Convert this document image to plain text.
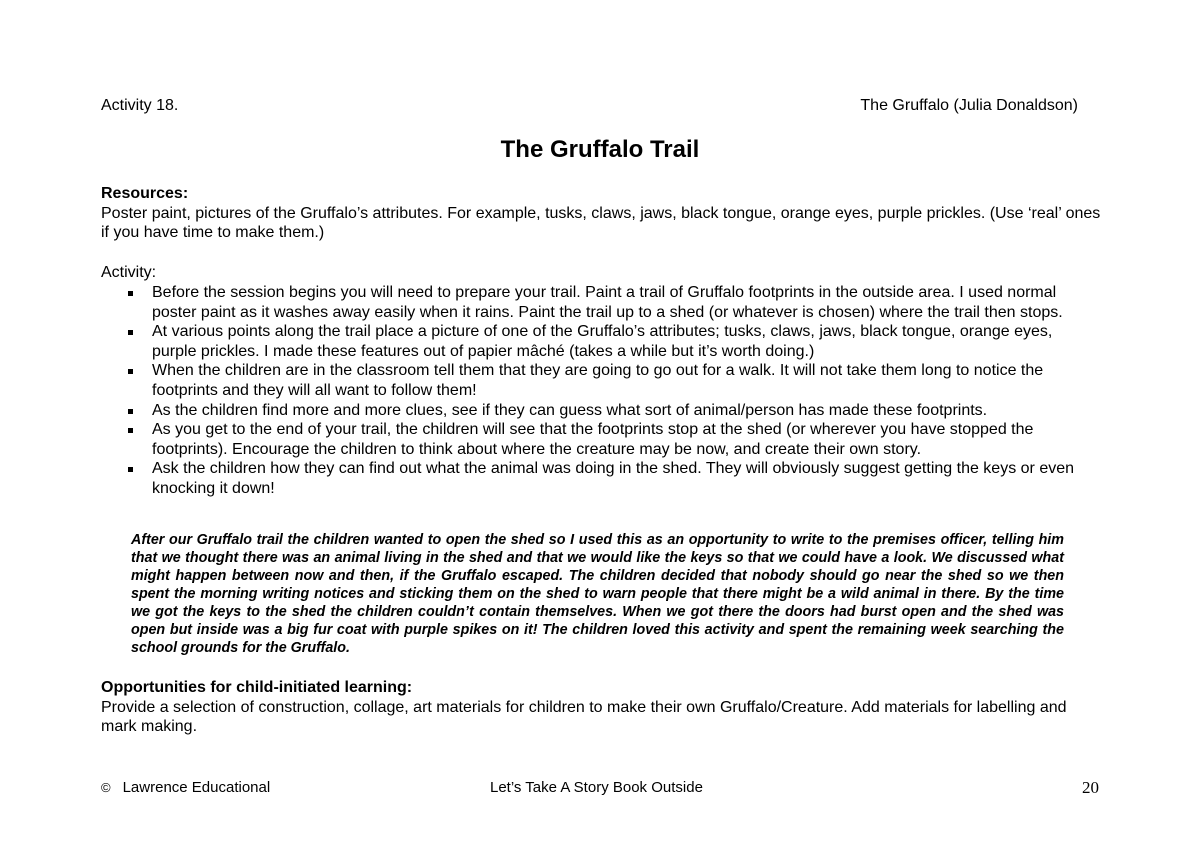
Activity 18.	The Gruffalo (Julia Donaldson)
The Gruffalo Trail
Resources:
Poster paint, pictures of the Gruffalo’s attributes. For example, tusks, claws, jaws, black tongue, orange eyes, purple prickles. (Use ‘real’ ones if you have time to make them.)
Activity:
Before the session begins you will need to prepare your trail. Paint a trail of Gruffalo footprints in the outside area. I used normal poster paint as it washes away easily when it rains. Paint the trail up to a shed (or whatever is chosen) where the trail then stops.
At various points along the trail place a picture of one of the Gruffalo’s attributes; tusks, claws, jaws, black tongue, orange eyes, purple prickles. I made these features out of papier mâché (takes a while but it’s worth doing.)
When the children are in the classroom tell them that they are going to go out for a walk. It will not take them long to notice the footprints and they will all want to follow them!
As the children find more and more clues, see if they can guess what sort of animal/person has made these footprints.
As you get to the end of your trail, the children will see that the footprints stop at the shed (or wherever you have stopped the footprints). Encourage the children to think about where the creature may be now, and create their own story.
Ask the children how they can find out what the animal was doing in the shed. They will obviously suggest getting the keys or even knocking it down!
After our Gruffalo trail the children wanted to open the shed so I used this as an opportunity to write to the premises officer, telling him that we thought there was an animal living in the shed and that we would like the keys so that we could have a look. We discussed what might happen between now and then, if the Gruffalo escaped. The children decided that nobody should go near the shed so we then spent the morning writing notices and sticking them on the shed to warn people that there might be a wild animal in there. By the time we got the keys to the shed the children couldn’t contain themselves. When we got there the doors had burst open and the shed was open but inside was a big fur coat with purple spikes on it! The children loved this activity and spent the remaining week searching the school grounds for the Gruffalo.
Opportunities for child-initiated learning:
Provide a selection of construction, collage, art materials for children to make their own Gruffalo/Creature. Add materials for labelling and mark making.
© Lawrence Educational	Let’s Take A Story Book Outside	20
